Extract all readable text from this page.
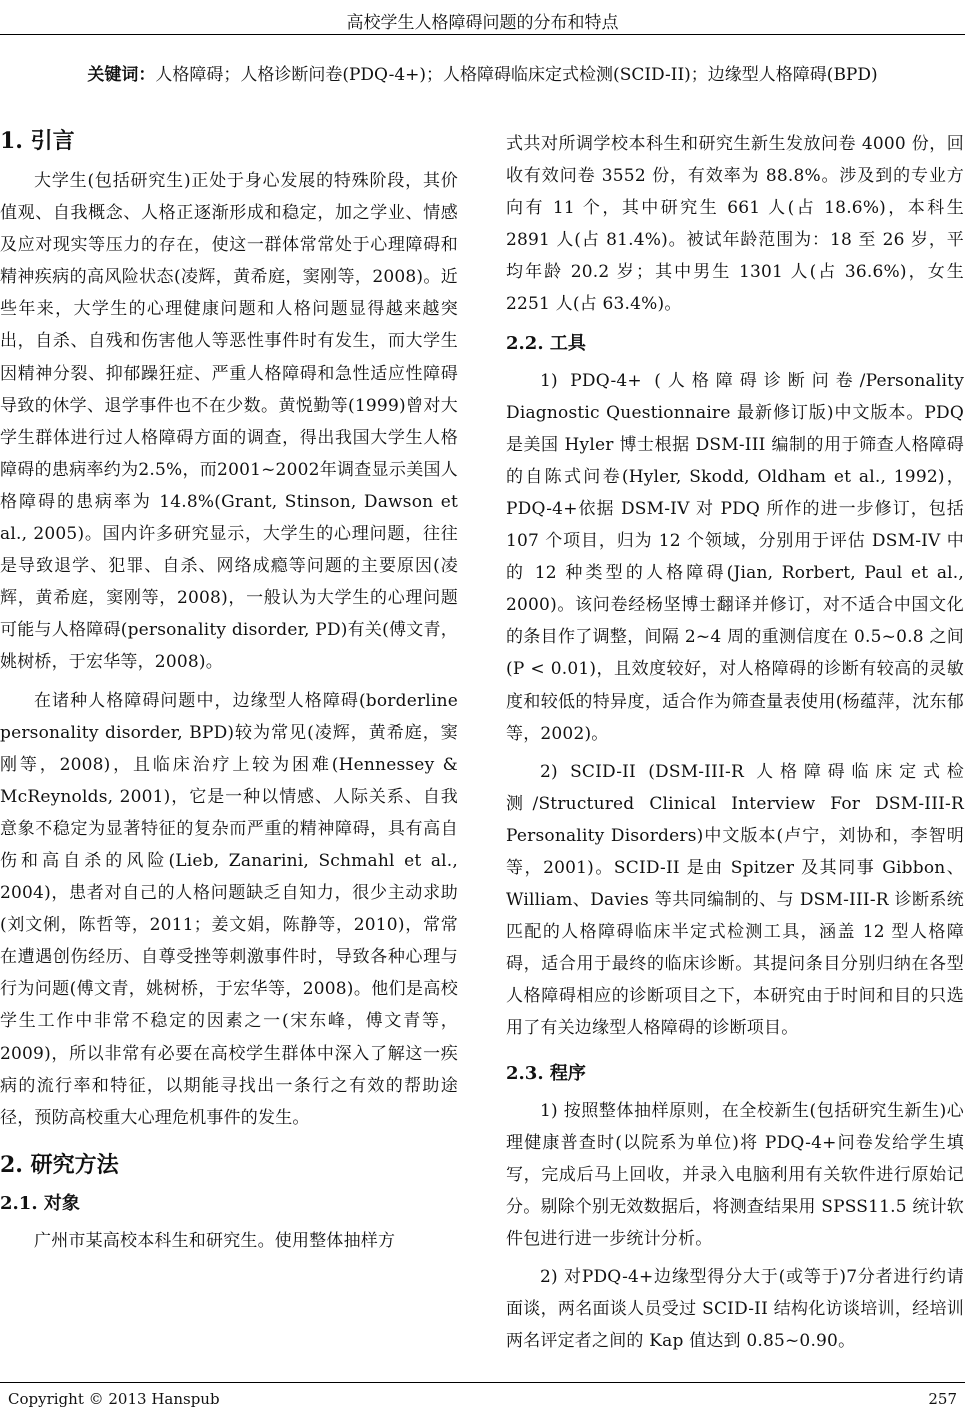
高校学生人格障碍问题的分布和特点
关键词：人格障碍；人格诊断问卷(PDQ-4+)；人格障碍临床定式检测(SCID-II)；边缘型人格障碍(BPD)
1. 引言

大学生(包括研究生)正处于身心发展的特殊阶段，其价值观、自我概念、人格正逐渐形成和稳定，加之学业、情感及应对现实等压力的存在，使这一群体常常处于心理障碍和精神疾病的高风险状态(凌辉，黄希庭，窦刚等，2008)。近些年来，大学生的心理健康问题和人格问题显得越来越突出，自杀、自残和伤害他人等恶性事件时有发生，而大学生因精神分裂、抑郁躁狂症、严重人格障碍和急性适应性障碍导致的休学、退学事件也不在少数。黄悦勤等(1999)曾对大学生群体进行过人格障碍方面的调查，得出我国大学生人格障碍的患病率约为2.5%，而2001~2002年调查显示美国人格障碍的患病率为 14.8%(Grant, Stinson, Dawson et al., 2005)。国内许多研究显示，大学生的心理问题，往往是导致退学、犯罪、自杀、网络成瘾等问题的主要原因(凌辉，黄希庭，窦刚等，2008)，一般认为大学生的心理问题可能与人格障碍(personality disorder, PD)有关(傅文青，姚树桥，于宏华等，2008)。

在诸种人格障碍问题中，边缘型人格障碍(borderline personality disorder, BPD)较为常见(凌辉，黄希庭，窦刚等，2008)，且临床治疗上较为困难(Hennessey & McReynolds, 2001)，它是一种以情感、人际关系、自我意象不稳定为显著特征的复杂而严重的精神障碍，具有高自伤和高自杀的风险(Lieb, Zanarini, Schmahl et al., 2004)，患者对自己的人格问题缺乏自知力，很少主动求助(刘文俐，陈哲等，2011；姜文娟，陈静等，2010)，常常在遭遇创伤经历、自尊受挫等刺激事件时，导致各种心理与行为问题(傅文青，姚树桥，于宏华等，2008)。他们是高校学生工作中非常不稳定的因素之一(宋东峰，傅文青等，2009)，所以非常有必要在高校学生群体中深入了解这一疾病的流行率和特征，以期能寻找出一条行之有效的帮助途径，预防高校重大心理危机事件的发生。

2. 研究方法
2.1. 对象

广州市某高校本科生和研究生。使用整体抽样方

式共对所调学校本科生和研究生新生发放问卷 4000 份，回收有效问卷 3552 份，有效率为 88.8%。涉及到的专业方向有 11 个，其中研究生 661 人(占 18.6%)，本科生 2891 人(占 81.4%)。被试年龄范围为：18 至 26 岁，平均年龄 20.2 岁；其中男生 1301 人(占 36.6%)，女生 2251 人(占 63.4%)。

2.2. 工具

1) PDQ-4+ (人格障碍诊断问卷/Personality Diagnostic Questionnaire 最新修订版)中文版本。PDQ 是美国 Hyler 博士根据 DSM-III 编制的用于筛查人格障碍的自陈式问卷(Hyler, Skodd, Oldham et al., 1992)，PDQ-4+依据 DSM-IV 对 PDQ 所作的进一步修订，包括 107 个项目，归为 12 个领域，分别用于评估 DSM-IV 中的 12 种类型的人格障碍(Jian, Rorbert, Paul et al., 2000)。该问卷经杨坚博士翻译并修订，对不适合中国文化的条目作了调整，间隔 2~4 周的重测信度在 0.5~0.8 之间(P < 0.01)，且效度较好，对人格障碍的诊断有较高的灵敏度和较低的特异度，适合作为筛查量表使用(杨蕴萍，沈东郁等，2002)。

2) SCID-II (DSM-III-R 人格障碍临床定式检测/Structured Clinical Interview For DSM-III-R Personality Disorders)中文版本(卢宁，刘协和，李智明等，2001)。SCID-II 是由 Spitzer 及其同事 Gibbon、William、Davies 等共同编制的、与 DSM-III-R 诊断系统匹配的人格障碍临床半定式检测工具，涵盖 12 型人格障碍，适合用于最终的临床诊断。其提问条目分别归纳在各型人格障碍相应的诊断项目之下，本研究由于时间和目的只选用了有关边缘型人格障碍的诊断项目。

2.3. 程序

1) 按照整体抽样原则，在全校新生(包括研究生新生)心理健康普查时(以院系为单位)将 PDQ-4+问卷发给学生填写，完成后马上回收，并录入电脑利用有关软件进行原始记分。剔除个别无效数据后，将测查结果用 SPSS11.5 统计软件包进行进一步统计分析。

2) 对PDQ-4+边缘型得分大于(或等于)7分者进行约请面谈，两名面谈人员受过 SCID-II 结构化访谈培训，经培训两名评定者之间的 Kap 值达到 0.85~0.90。

Copyright © 2013 Hanspub	257
